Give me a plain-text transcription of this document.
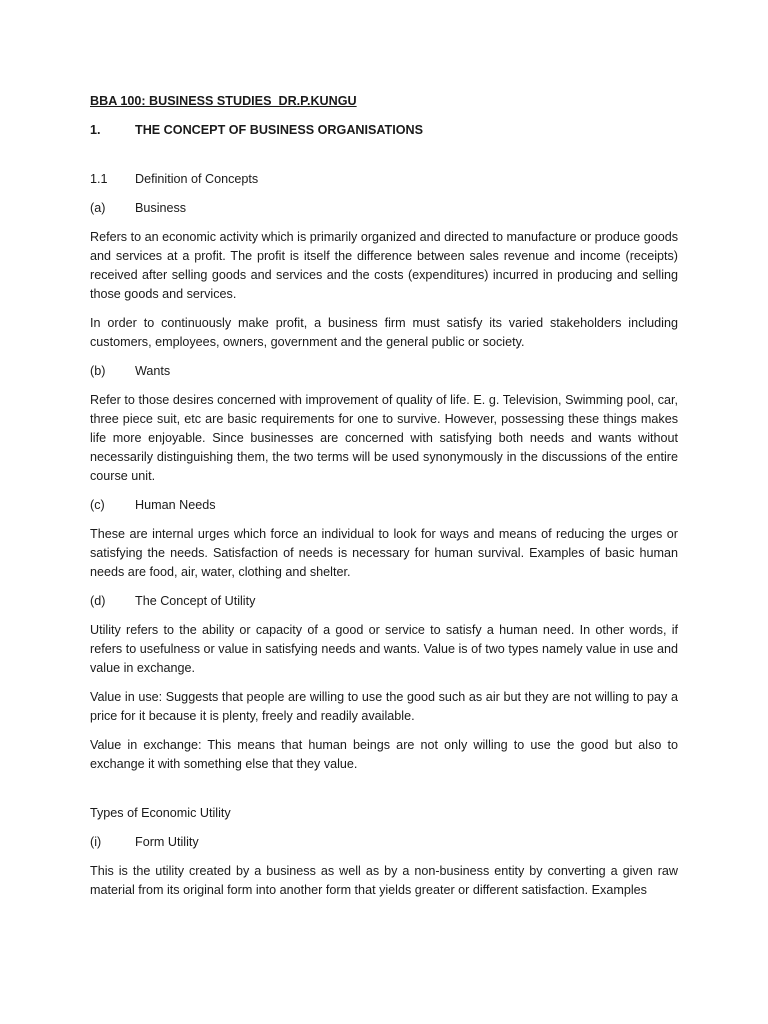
BBA 100: BUSINESS STUDIES  DR.P.KUNGU
1.	THE CONCEPT OF BUSINESS ORGANISATIONS
1.1	Definition of Concepts
(a)	Business

Refers to an economic activity which is primarily organized and directed to manufacture or produce goods and services at a profit. The profit is itself the difference between sales revenue and income (receipts) received after selling goods and services and the costs (expenditures) incurred in producing and selling those goods and services.

In order to continuously make profit, a business firm must satisfy its varied stakeholders including customers, employees, owners, government and the general public or society.

(b)	Wants

Refer to those desires concerned with improvement of quality of life. E. g. Television, Swimming pool, car, three piece suit, etc are basic requirements for one to survive. However, possessing these things makes life more enjoyable. Since businesses are concerned with satisfying both needs and wants without necessarily distinguishing them, the two terms will be used synonymously in the discussions of the entire course unit.

(c)	Human Needs

These are internal urges which force an individual to look for ways and means of reducing the urges or satisfying the needs. Satisfaction of needs is necessary for human survival. Examples of basic human needs are food, air, water, clothing and shelter.

(d)	The Concept of Utility

Utility refers to the ability or capacity of a good or service to satisfy a human need. In other words, if refers to usefulness or value in satisfying needs and wants. Value is of two types namely value in use and value in exchange.

Value in use: Suggests that people are willing to use the good such as air but they are not willing to pay a price for it because it is plenty, freely and readily available.

Value in exchange: This means that human beings are not only willing to use the good but also to exchange it with something else that they value.

Types of Economic Utility

(i)	Form Utility

This is the utility created by a business as well as by a non-business entity by converting a given raw material from its original form into another form that yields greater or different satisfaction. Examples
